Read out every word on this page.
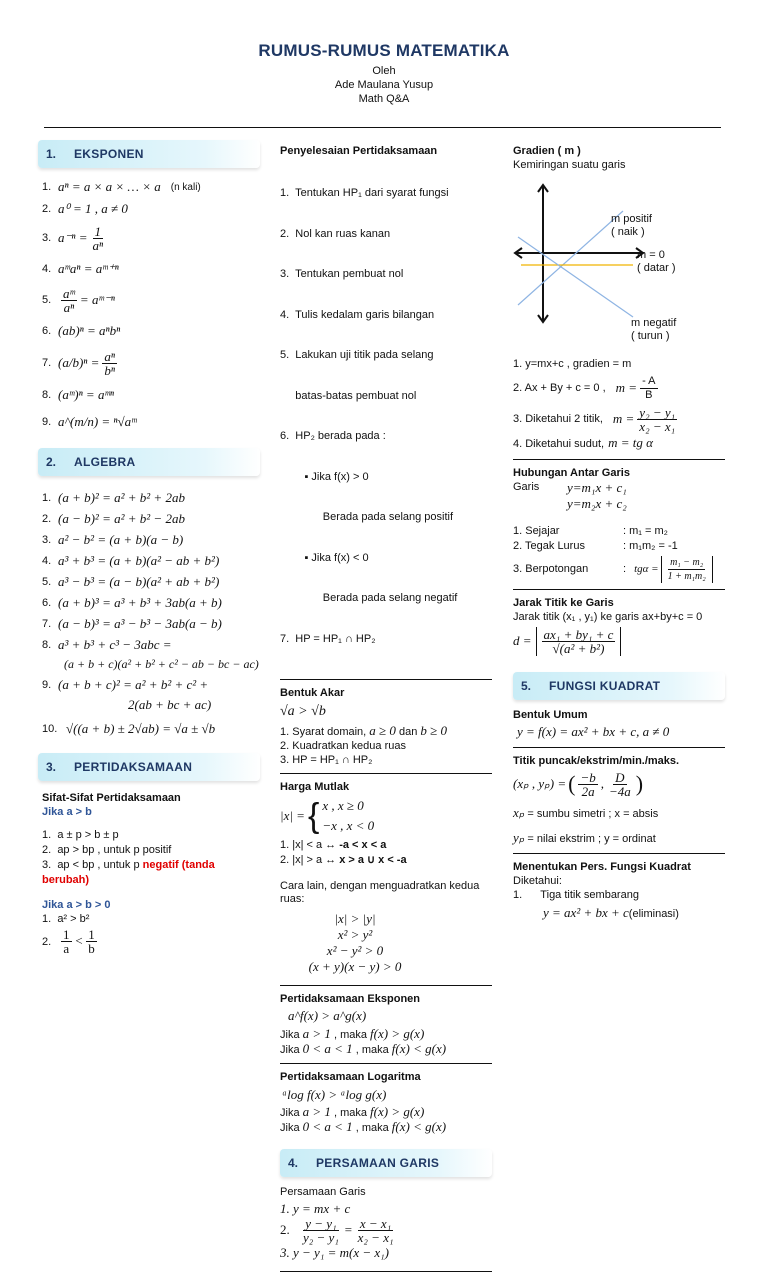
RUMUS-RUMUS MATEMATIKA
Oleh
Ade Maulana Yusup
Math Q&A
1. EKSPONEN
1. aⁿ = a × a × … × a (n kali)
2. a⁰ = 1 , a ≠ 0
3. $a^{-n} = \frac{1}{\text{aⁿ}}$
4. aᵐaⁿ = aᵐ⁺ⁿ
5. $\frac{\text{aᵐ}}{\text{aⁿ}}$ = aᵐ⁻ⁿ
6. (ab)ⁿ = aⁿbⁿ
7. $(a/b)^n = \frac{\text{aⁿ}}{\text{bⁿ}}$
8. (aᵐ)ⁿ = aᵐⁿ
9. a^(m/n) = ⁿ√aᵐ
2. ALGEBRA
1. (a + b)² = a² + b² + 2ab
2. (a − b)² = a² + b² − 2ab
3. a² − b² = (a + b)(a − b)
4. a³ + b³ = (a + b)(a² − ab + b²)
5. a³ − b³ = (a − b)(a² + ab + b²)
6. (a + b)³ = a³ + b³ + 3ab(a + b)
7. (a − b)³ = a³ − b³ − 3ab(a − b)
8. a³ + b³ + c³ − 3abc =
(a + b + c)(a² + b² + c² − ab − bc − ac)
9. (a + b + c)² = a² + b² + c² +
2(ab + bc + ac)
10. √((a + b) ± 2√ab) = √a ± √b
3. PERTIDAKSAMAAN
Sifat-Sifat Pertidaksamaan
Jika a > b
1. a ± p > b ± p
2. ap > bp , untuk p positif
3. ap < bp , untuk p negatif (tanda berubah)
Jika a > b > 0
1. a² > b²
2. $\frac{1}{a} < \frac{1}{b}$
Penyelesaian Pertidaksamaan

1.  Tentukan HP₁ dari syarat fungsi

2.  Nol kan ruas kanan

3.  Tentukan pembuat nol

4.  Tulis kedalam garis bilangan

5.  Lakukan uji titik pada selang

batas-batas pembuat nol

6.  HP₂ berada pada :

▪ Jika f(x) > 0

Berada pada selang positif

▪ Jika f(x) < 0

Berada pada selang negatif

7.  HP = HP₁ ∩ HP₂

Bentuk Akar
√a > √b
1. Syarat domain, a ≥ 0 dan b ≥ 0
2. Kuadratkan kedua ruas
3. HP = HP₁ ∩ HP₂
Harga Mutlak
|x| = { x , x ≥ 0
−x , x < 0
1. |x| < a ↔ -a < x < a
2. |x| > a ↔ x > a ∪ x < -a
Cara lain, dengan menguadratkan kedua ruas:
|x| > |y|
x² > y²
x² − y² > 0
(x + y)(x − y) > 0
Pertidaksamaan Eksponen
a^f(x) > a^g(x)
Jika a > 1 , maka f(x) > g(x)
Jika 0 < a < 1 , maka f(x) < g(x)
Pertidaksamaan Logaritma
ᵃlog f(x) > ᵃlog g(x)
Jika a > 1 , maka f(x) > g(x)
Jika 0 < a < 1 , maka f(x) < g(x)
4. PERSAMAAN GARIS
Persamaan Garis
1. y = mx + c
2. $\frac{\text{y − y₁}}{\text{y₂ − y₁}} = \frac{\text{x − x₁}}{\text{x₂ − x₁}}$
3. y − y₁ = m(x − x₁)
Gradien ( m )
Kemiringan suatu garis
m positif
( naik )
m = 0
( datar )
m negatif
( turun )
1. y=mx+c , gradien = m
2. Ax + By + c = 0 , $m = \frac{- A}{B}$
3. Diketahui 2 titik, $m = \frac{\text{y₂ − y₁}}{\text{x₂ − x₁}}$
4. Diketahui sudut, m = tg α
Hubungan Antar Garis
Garis	y=m₁x + c₁
y=m₂x + c₂
1. Sejajar	: m₁ = m₂
2. Tegak Lurus	: m₁m₂ = -1
3. Berpotongan	: $tg\alpha = \frac{\text{m₁ − m₂}}{\text{1 + m₁m₂}}$
Jarak Titik ke Garis
Jarak titik (x₁ , y₁) ke garis ax+by+c = 0
$d = \frac{\text{ax₁ + by₁ + c}}{\text{√(a² + b²)}}$
5. FUNGSI KUADRAT
Bentuk Umum
y = f(x) = ax² + bx + c, a ≠ 0
Titik puncak/ekstrim/min./maks.
(xₚ , yₚ) = ( $\frac{-b}{2a}$ , $\frac{D}{-4a}$ )
xₚ = sumbu simetri ; x = absis
yₚ = nilai ekstrim ; y = ordinat
Menentukan Pers. Fungsi Kuadrat
Diketahui:
1.      Tiga titik sembarang
y = ax² + bx + c(eliminasi)
